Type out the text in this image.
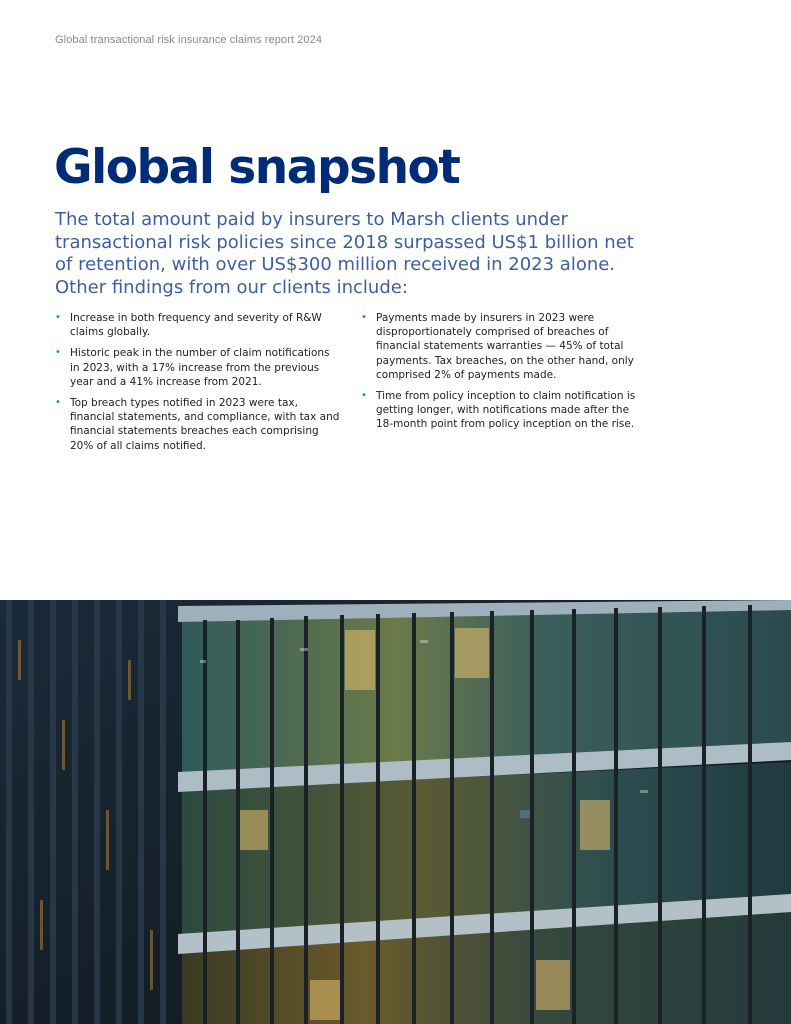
Global transactional risk insurance claims report 2024
Global snapshot

The total amount paid by insurers to Marsh clients under transactional risk policies since 2018 surpassed US$1 billion net of retention, with over US$300 million received in 2023 alone. Other findings from our clients include:

• Increase in both frequency and severity of R&W claims globally.
• Historic peak in the number of claim notifications in 2023, with a 17% increase from the previous year and a 41% increase from 2021.
• Top breach types notified in 2023 were tax, financial statements, and compliance, with tax and financial statements breaches each comprising 20% of all claims notified.
• Payments made by insurers in 2023 were disproportionately comprised of breaches of financial statements warranties — 45% of total payments. Tax breaches, on the other hand, only comprised 2% of payments made.
• Time from policy inception to claim notification is getting longer, with notifications made after the 18-month point from policy inception on the rise.
